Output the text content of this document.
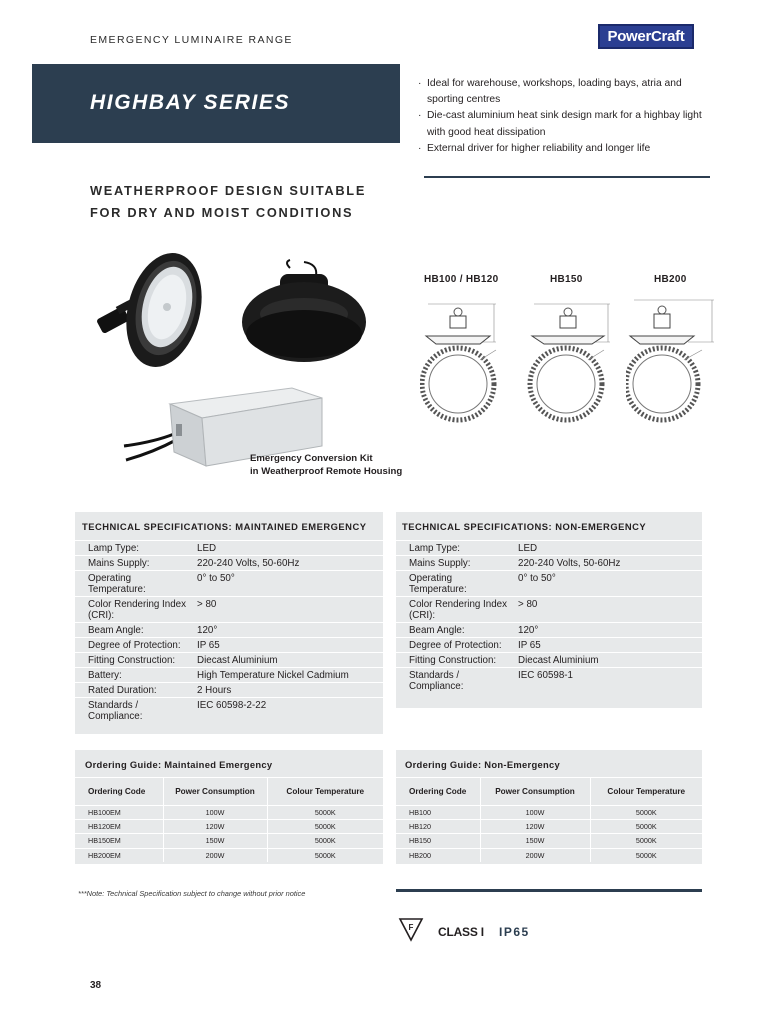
EMERGENCY LUMINAIRE RANGE	PowerCraft
HIGHBAY SERIES
· Ideal for warehouse, workshops, loading bays, atria and sporting centres
· Die-cast aluminium heat sink design mark for a highbay light with good heat dissipation
· External driver for higher reliability and longer life
WEATHERPROOF DESIGN SUITABLE
FOR DRY AND MOIST CONDITIONS
Emergency Conversion Kit
in Weatherproof Remote Housing
HB100 / HB120	HB150	HB200
TECHNICAL SPECIFICATIONS: MAINTAINED EMERGENCY
Lamp Type:	LED
Mains Supply:	220-240 Volts, 50-60Hz
Operating Temperature:	0° to 50°
Color Rendering Index (CRI):	> 80
Beam Angle:	120°
Degree of Protection:	IP 65
Fitting Construction:	Diecast Aluminium
Battery:	High Temperature Nickel Cadmium
Rated Duration:	2 Hours
Standards / Compliance:	IEC 60598-2-22
TECHNICAL SPECIFICATIONS: NON-EMERGENCY
Lamp Type:	LED
Mains Supply:	220-240 Volts, 50-60Hz
Operating Temperature:	0° to 50°
Color Rendering Index (CRI):	> 80
Beam Angle:	120°
Degree of Protection:	IP 65
Fitting Construction:	Diecast Aluminium
Standards / Compliance:	IEC 60598-1
Ordering Guide: Maintained Emergency
Ordering Code	Power Consumption	Colour Temperature
HB100EM	100W	5000K
HB120EM	120W	5000K
HB150EM	150W	5000K
HB200EM	200W	5000K
Ordering Guide: Non-Emergency
Ordering Code	Power Consumption	Colour Temperature
HB100	100W	5000K
HB120	120W	5000K
HB150	150W	5000K
HB200	200W	5000K
***Note: Technical Specification subject to change without prior notice
F CLASS I IP65
38
